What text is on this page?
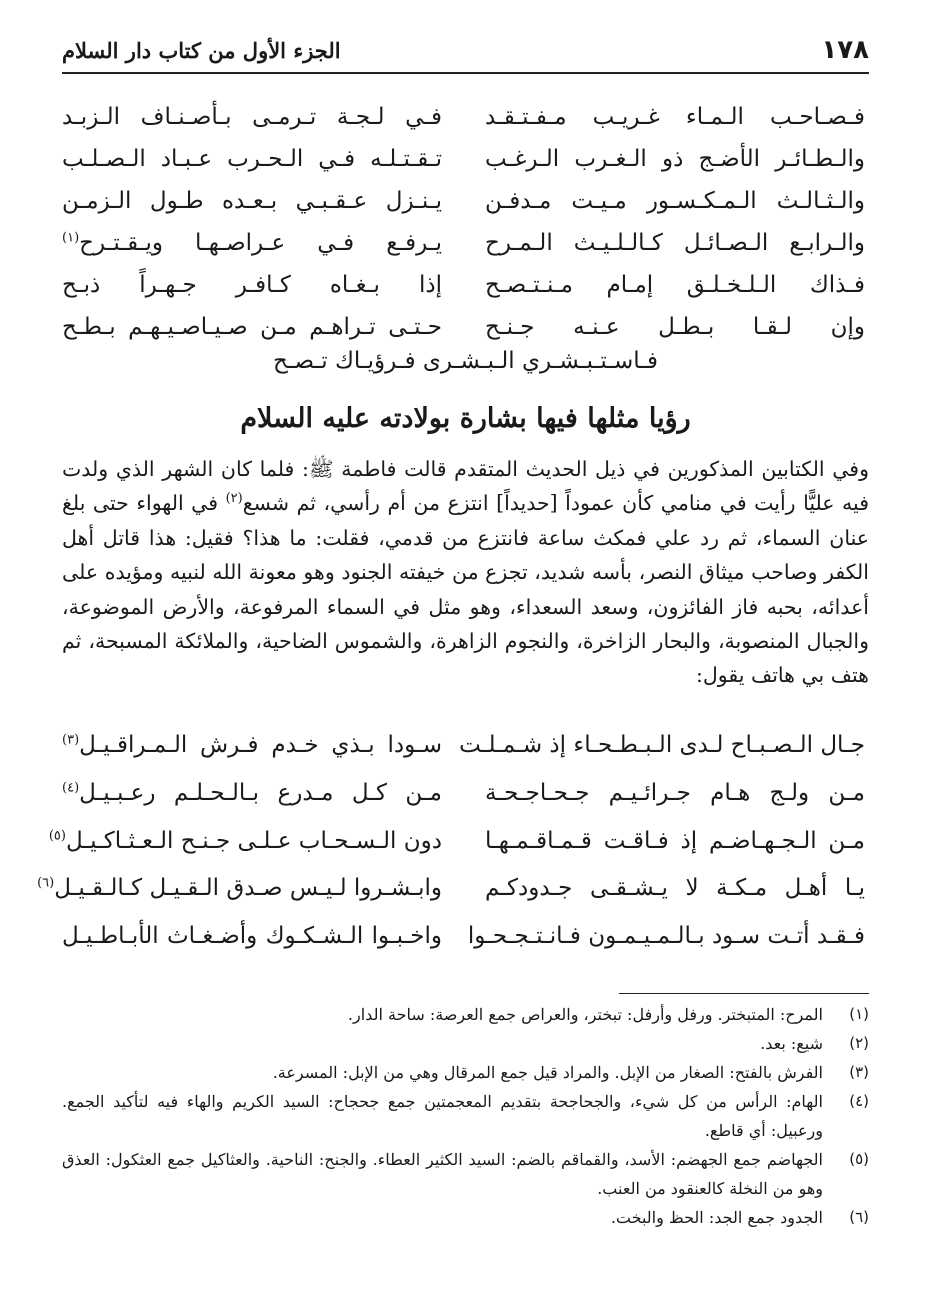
١٧٨
الجزء الأول من كتاب دار السلام
فـصـاحـب الـمـاء غـريـب مـفـتـقـد
فـي لـجـة تـرمـى بـأصـنـاف الـزبـد
والـطـائـر الأضـج ذو الـغـرب الـرغـب
تـقـتـلـه فـي الـحـرب عـبـاد الـصـلـب
والـثـالـث الـمـكـسـور مـيـت مـدفـن
يـنـزل عـقـبـي بـعـده طـول الـزمـن
والـرابـع الـصـائـل كـالـلـيـث الـمـرح
يـرفـع فـي عـراصـهـا ويـقـتـرح$^{(١)}$
فـذاك الـلـخـلـق إمـام مـنـتـصـح
إذا بـغـاه كـافـر جـهـراً ذبـح
وإن لـقـا بـطـل عـنـه جـنـح
حـتـى تـراهـم مـن صـيـاصـيـهـم بـطـح
فـاسـتـبـشـري الـبـشـرى فـرؤيـاك تـصـح
رؤيا مثلها فيها بشارة بولادته عليه السلام
وفي الكتابين المذكورين في ذيل الحديث المتقدم قالت فاطمة ﷺ: فلما كان الشهر الذي ولدت فيه عليًّا رأيت في منامي كأن عموداً [حديداً] انتزع من أم رأسي، ثم شسع$^{(٢)}$ في الهواء حتى بلغ عنان السماء، ثم رد علي فمكث ساعة فانتزع من قدمي، فقلت: ما هذا؟ فقيل: هذا قاتل أهل الكفر وصاحب ميثاق النصر، بأسه شديد، تجزع من خيفته الجنود وهو معونة الله لنبيه ومؤيده على أعدائه، بحبه فاز الفائزون، وسعد السعداء، وهو مثل في السماء المرفوعة، والأرض الموضوعة، والجبال المنصوبة، والبحار الزاخرة، والنجوم الزاهرة، والشموس الضاحية، والملائكة المسبحة، ثم هتف بي هاتف يقول:
جـال الـصـبـاح لـدى الـبـطـحـاء إذ شـمـلـت
سـودا بـذي خـدم فـرش الـمـراقـيـل$^{(٣)}$
مـن ولـج هـام جـرائـيـم جـحـاجـحـة
مـن كـل مـدرع بـالـحـلـم رعـبـيـل$^{(٤)}$
مـن الـجـهـاضـم إذ فـاقـت قـمـاقـمـهـا
دون الـسـحـاب عـلـى جـنـح الـعـثـاكـيـل$^{(٥)}$
يـا أهـل مـكـة لا يـشـقـى جـدودكـم
وابـشـروا لـيـس صـدق الـقـيـل كـالـقـيـل$^{(٦)}$
فـقـد أتـت سـود بـالـمـيـمـون فـانـتـجـحـوا
واخـبـوا الـشـكـوك وأضـغـاث الأبـاطـيـل
(١)
المرح: المتبختر. ورفل وأرفل: تبختر، والعراص جمع العرصة: ساحة الدار.
(٢)
شيع: بعد.
(٣)
الفرش بالفتح: الصغار من الإبل. والمراد قيل جمع المرقال وهي من الإبل: المسرعة.
(٤)
الهام: الرأس من كل شيء، والجحاجحة بتقديم المعجمتين جمع جحجاح: السيد الكريم والهاء فيه لتأكيد الجمع. ورعبيل: أي قاطع.
(٥)
الجهاضم جمع الجهضم: الأسد، والقماقم بالضم: السيد الكثير العطاء. والجنح: الناحية. والعثاكيل جمع العثكول: العذق وهو من النخلة كالعنقود من العنب.
(٦)
الجدود جمع الجد: الحظ والبخت.
